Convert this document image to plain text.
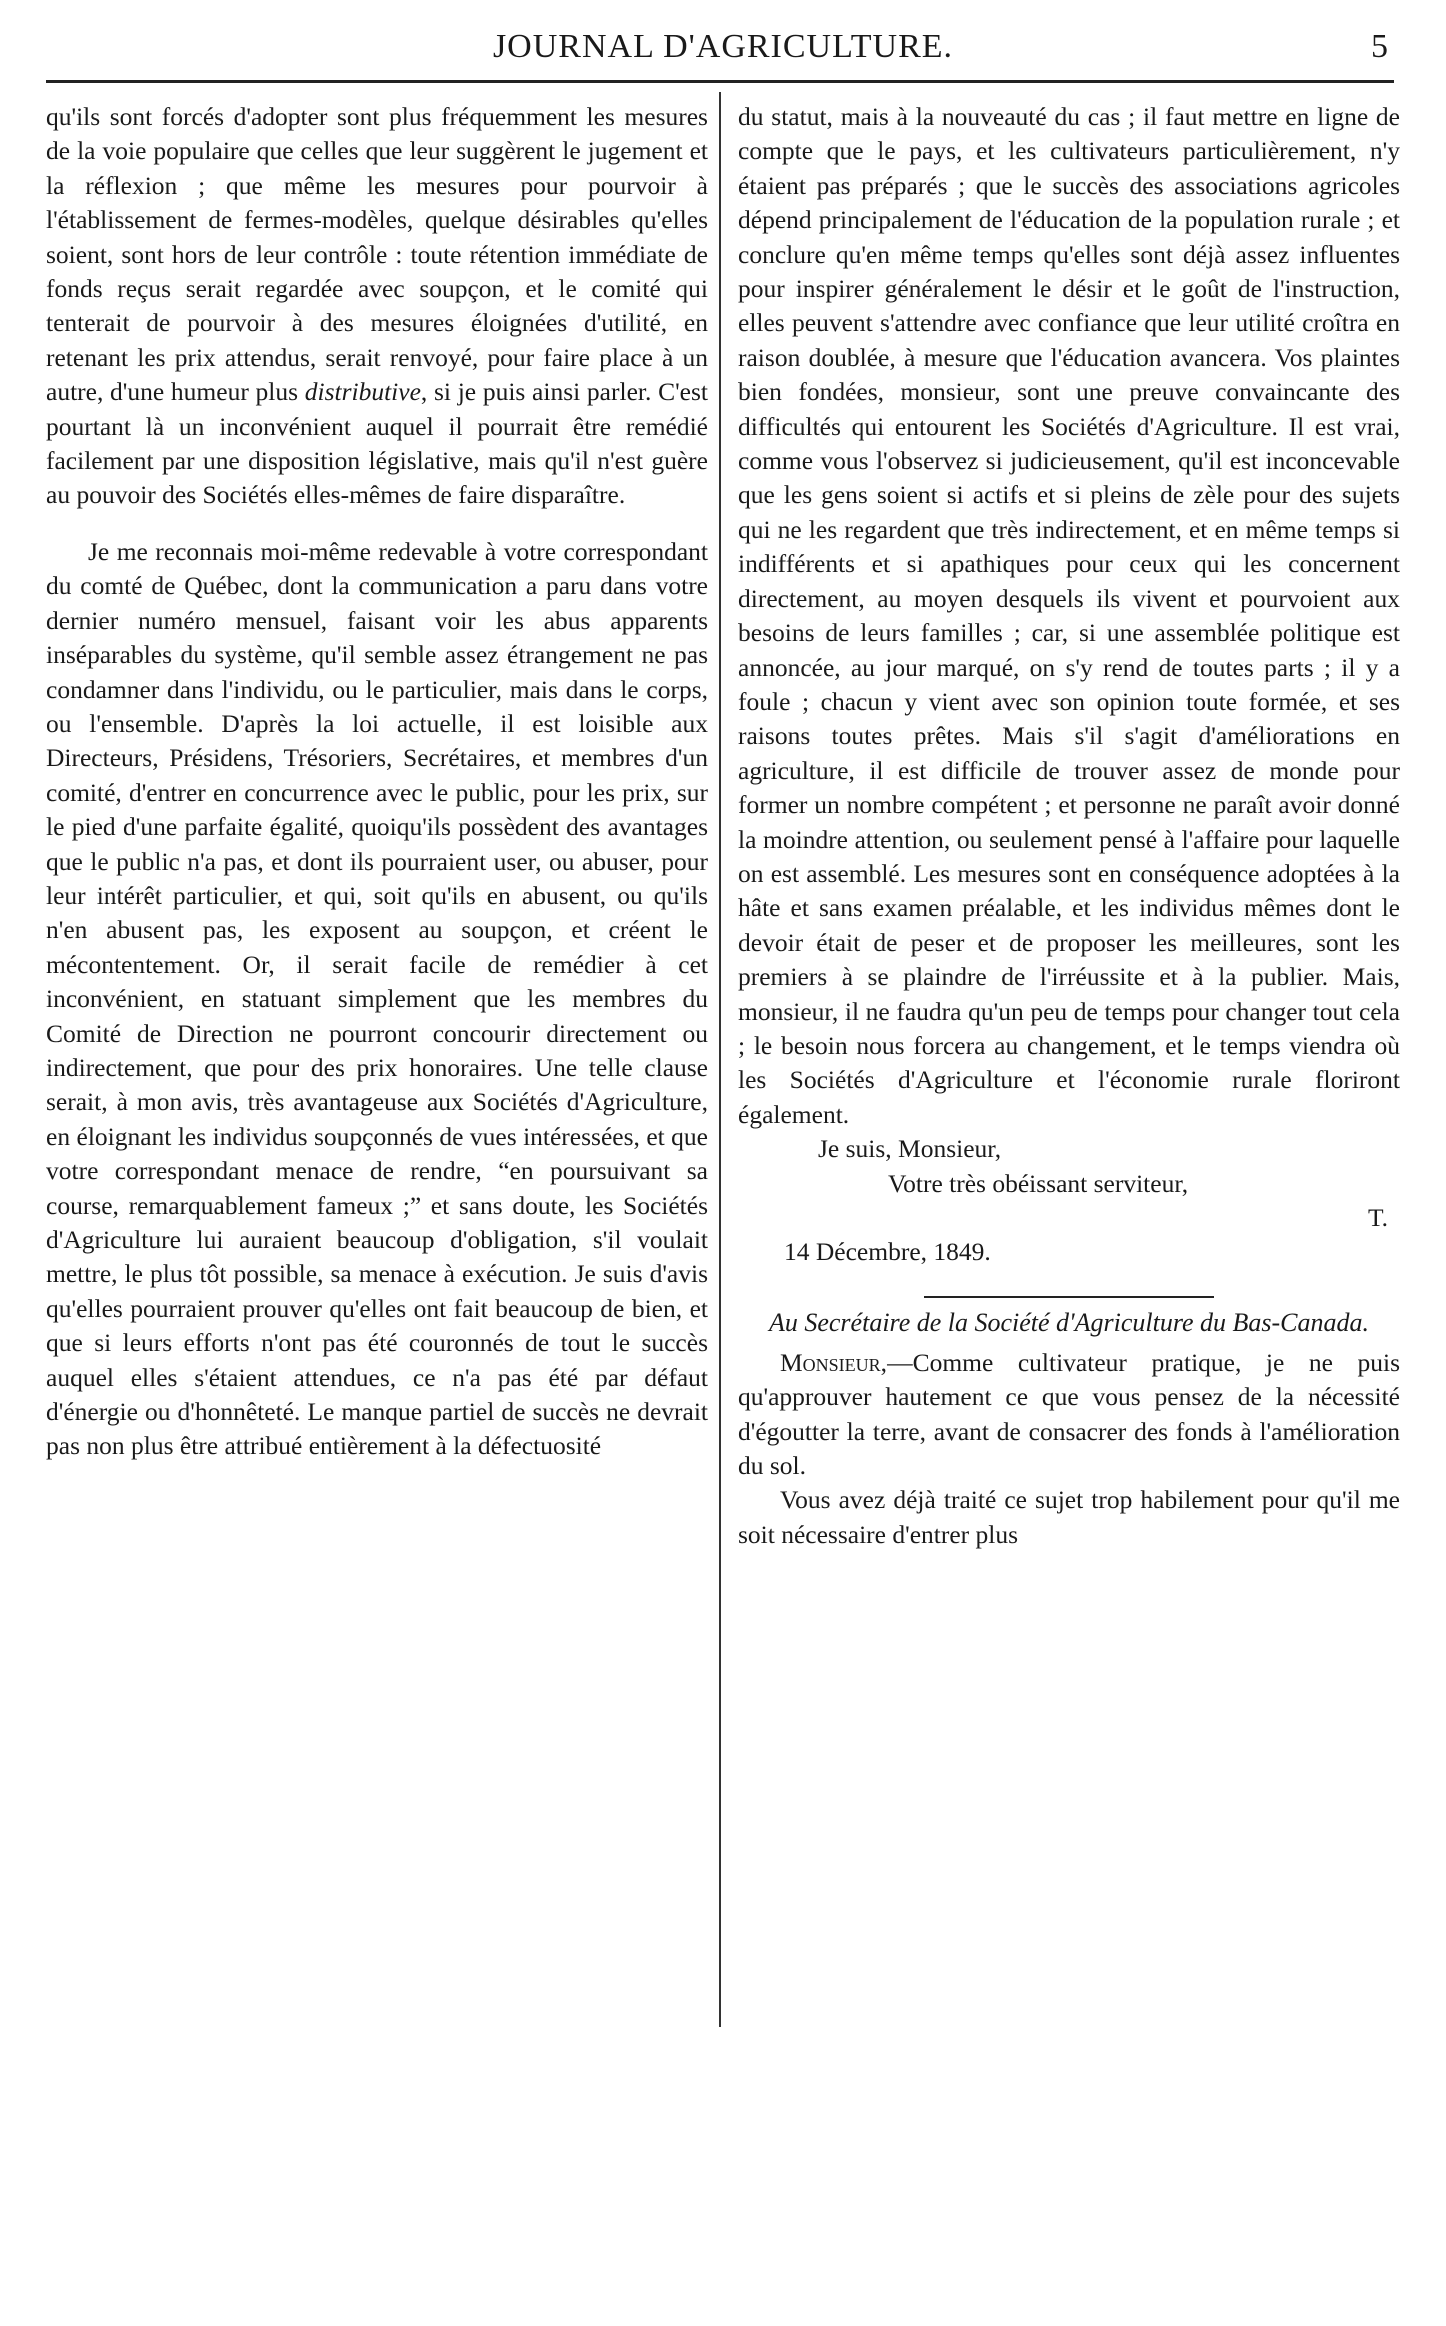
JOURNAL D'AGRICULTURE.	5

qu'ils sont forcés d'adopter sont plus fréquemment les mesures de la voie populaire que celles que leur suggèrent le jugement et la réflexion ; que même les mesures pour pourvoir à l'établissement de fermes-modèles, quelque désirables qu'elles soient, sont hors de leur contrôle : toute rétention immédiate de fonds reçus serait regardée avec soupçon, et le comité qui tenterait de pourvoir à des mesures éloignées d'utilité, en retenant les prix attendus, serait renvoyé, pour faire place à un autre, d'une humeur plus distributive, si je puis ainsi parler. C'est pourtant là un inconvénient auquel il pourrait être remédié facilement par une disposition législative, mais qu'il n'est guère au pouvoir des Sociétés elles-mêmes de faire disparaître.

Je me reconnais moi-même redevable à votre correspondant du comté de Québec, dont la communication a paru dans votre dernier numéro mensuel, faisant voir les abus apparents inséparables du système, qu'il semble assez étrangement ne pas condamner dans l'individu, ou le particulier, mais dans le corps, ou l'ensemble. D'après la loi actuelle, il est loisible aux Directeurs, Présidens, Trésoriers, Secrétaires, et membres d'un comité, d'entrer en concurrence avec le public, pour les prix, sur le pied d'une parfaite égalité, quoiqu'ils possèdent des avantages que le public n'a pas, et dont ils pourraient user, ou abuser, pour leur intérêt particulier, et qui, soit qu'ils en abusent, ou qu'ils n'en abusent pas, les exposent au soupçon, et créent le mécontentement. Or, il serait facile de remédier à cet inconvénient, en statuant simplement que les membres du Comité de Direction ne pourront concourir directement ou indirectement, que pour des prix honoraires. Une telle clause serait, à mon avis, très avantageuse aux Sociétés d'Agriculture, en éloignant les individus soupçonnés de vues intéressées, et que votre correspondant menace de rendre, “en poursuivant sa course, remarquablement fameux ;” et sans doute, les Sociétés d'Agriculture lui auraient beaucoup d'obligation, s'il voulait mettre, le plus tôt possible, sa menace à exécution. Je suis d'avis qu'elles pourraient prouver qu'elles ont fait beaucoup de bien, et que si leurs efforts n'ont pas été couronnés de tout le succès auquel elles s'étaient attendues, ce n'a pas été par défaut d'énergie ou d'honnêteté. Le manque partiel de succès ne devrait pas non plus être attribué entièrement à la défectuosité

du statut, mais à la nouveauté du cas ; il faut mettre en ligne de compte que le pays, et les cultivateurs particulièrement, n'y étaient pas préparés ; que le succès des associations agricoles dépend principalement de l'éducation de la population rurale ; et conclure qu'en même temps qu'elles sont déjà assez influentes pour inspirer généralement le désir et le goût de l'instruction, elles peuvent s'attendre avec confiance que leur utilité croîtra en raison doublée, à mesure que l'éducation avancera. Vos plaintes bien fondées, monsieur, sont une preuve convaincante des difficultés qui entourent les Sociétés d'Agriculture. Il est vrai, comme vous l'observez si judicieusement, qu'il est inconcevable que les gens soient si actifs et si pleins de zèle pour des sujets qui ne les regardent que très indirectement, et en même temps si indifférents et si apathiques pour ceux qui les concernent directement, au moyen desquels ils vivent et pourvoient aux besoins de leurs familles ; car, si une assemblée politique est annoncée, au jour marqué, on s'y rend de toutes parts ; il y a foule ; chacun y vient avec son opinion toute formée, et ses raisons toutes prêtes. Mais s'il s'agit d'améliorations en agriculture, il est difficile de trouver assez de monde pour former un nombre compétent ; et personne ne paraît avoir donné la moindre attention, ou seulement pensé à l'affaire pour laquelle on est assemblé. Les mesures sont en conséquence adoptées à la hâte et sans examen préalable, et les individus mêmes dont le devoir était de peser et de proposer les meilleures, sont les premiers à se plaindre de l'irréussite et à la publier. Mais, monsieur, il ne faudra qu'un peu de temps pour changer tout cela ; le besoin nous forcera au changement, et le temps viendra où les Sociétés d'Agriculture et l'économie rurale floriront également.

Je suis, Monsieur,

Votre très obéissant serviteur,

T.

14 Décembre, 1849.

Au Secrétaire de la Société d'Agriculture du Bas-Canada.

Monsieur,—Comme cultivateur pratique, je ne puis qu'approuver hautement ce que vous pensez de la nécessité d'égoutter la terre, avant de consacrer des fonds à l'amélioration du sol.

Vous avez déjà traité ce sujet trop habilement pour qu'il me soit nécessaire d'entrer plus
